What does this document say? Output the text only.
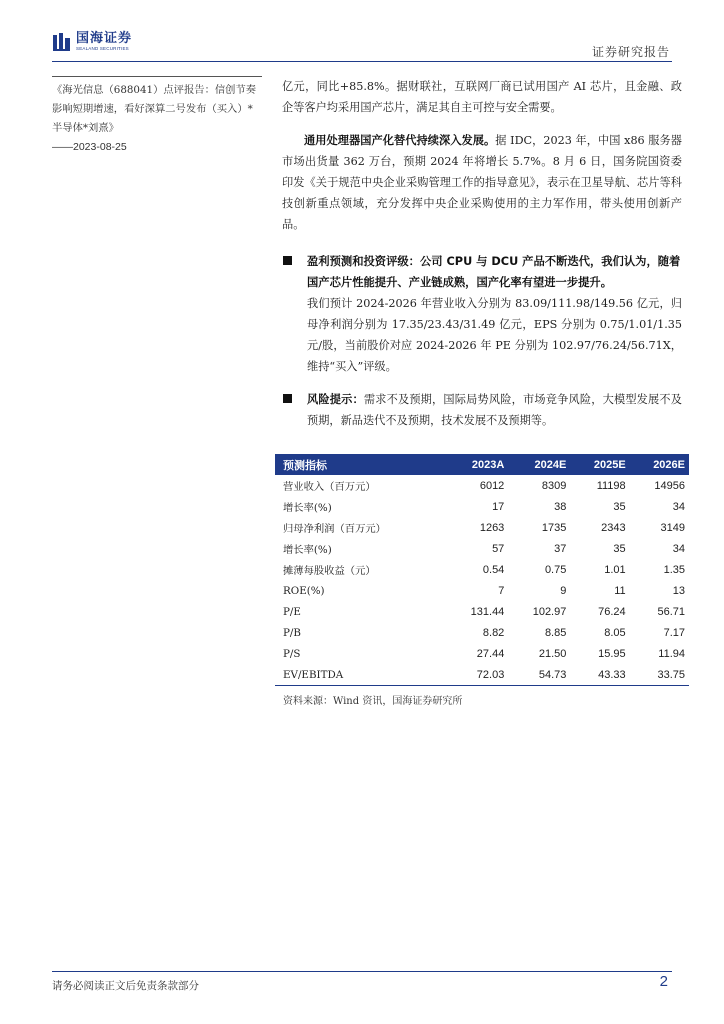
国海证券
SEALAND SECURITIES	证券研究报告
《海光信息（688041）点评报告：信创节奏影响短期增速，看好深算二号发布（买入）*半导体*刘熹》
——2023-08-25

亿元，同比+85.8%。据财联社，互联网厂商已试用国产 AI 芯片，且金融、政企等客户均采用国产芯片，满足其自主可控与安全需要。

通用处理器国产化替代持续深入发展。据 IDC，2023 年，中国 x86 服务器市场出货量 362 万台，预期 2024 年将增长 5.7%。8 月 6 日，国务院国资委印发《关于规范中央企业采购管理工作的指导意见》，表示在卫星导航、芯片等科技创新重点领域，充分发挥中央企业采购使用的主力军作用，带头使用创新产品。

盈利预测和投资评级：公司 CPU 与 DCU 产品不断迭代，我们认为，随着国产芯片性能提升、产业链成熟，国产化率有望进一步提升。

我们预计 2024-2026 年营业收入分别为 83.09/111.98/149.56 亿元，归母净利润分别为 17.35/23.43/31.49 亿元，EPS 分别为 0.75/1.01/1.35 元/股，当前股价对应 2024-2026 年 PE 分别为 102.97/76.24/56.71X，维持“买入”评级。

风险提示：需求不及预期，国际局势风险，市场竞争风险，大模型发展不及预期，新品迭代不及预期，技术发展不及预期等。

预测指标	2023A	2024E	2025E	2026E
营业收入（百万元）	6012	8309	11198	14956
增长率(%)	17	38	35	34
归母净利润（百万元）	1263	1735	2343	3149
增长率(%)	57	37	35	34
摊薄每股收益（元）	0.54	0.75	1.01	1.35
ROE(%)	7	9	11	13
P/E	131.44	102.97	76.24	56.71
P/B	8.82	8.85	8.05	7.17
P/S	27.44	21.50	15.95	11.94
EV/EBITDA	72.03	54.73	43.33	33.75
资料来源：Wind 资讯，国海证券研究所
请务必阅读正文后免责条款部分	2
